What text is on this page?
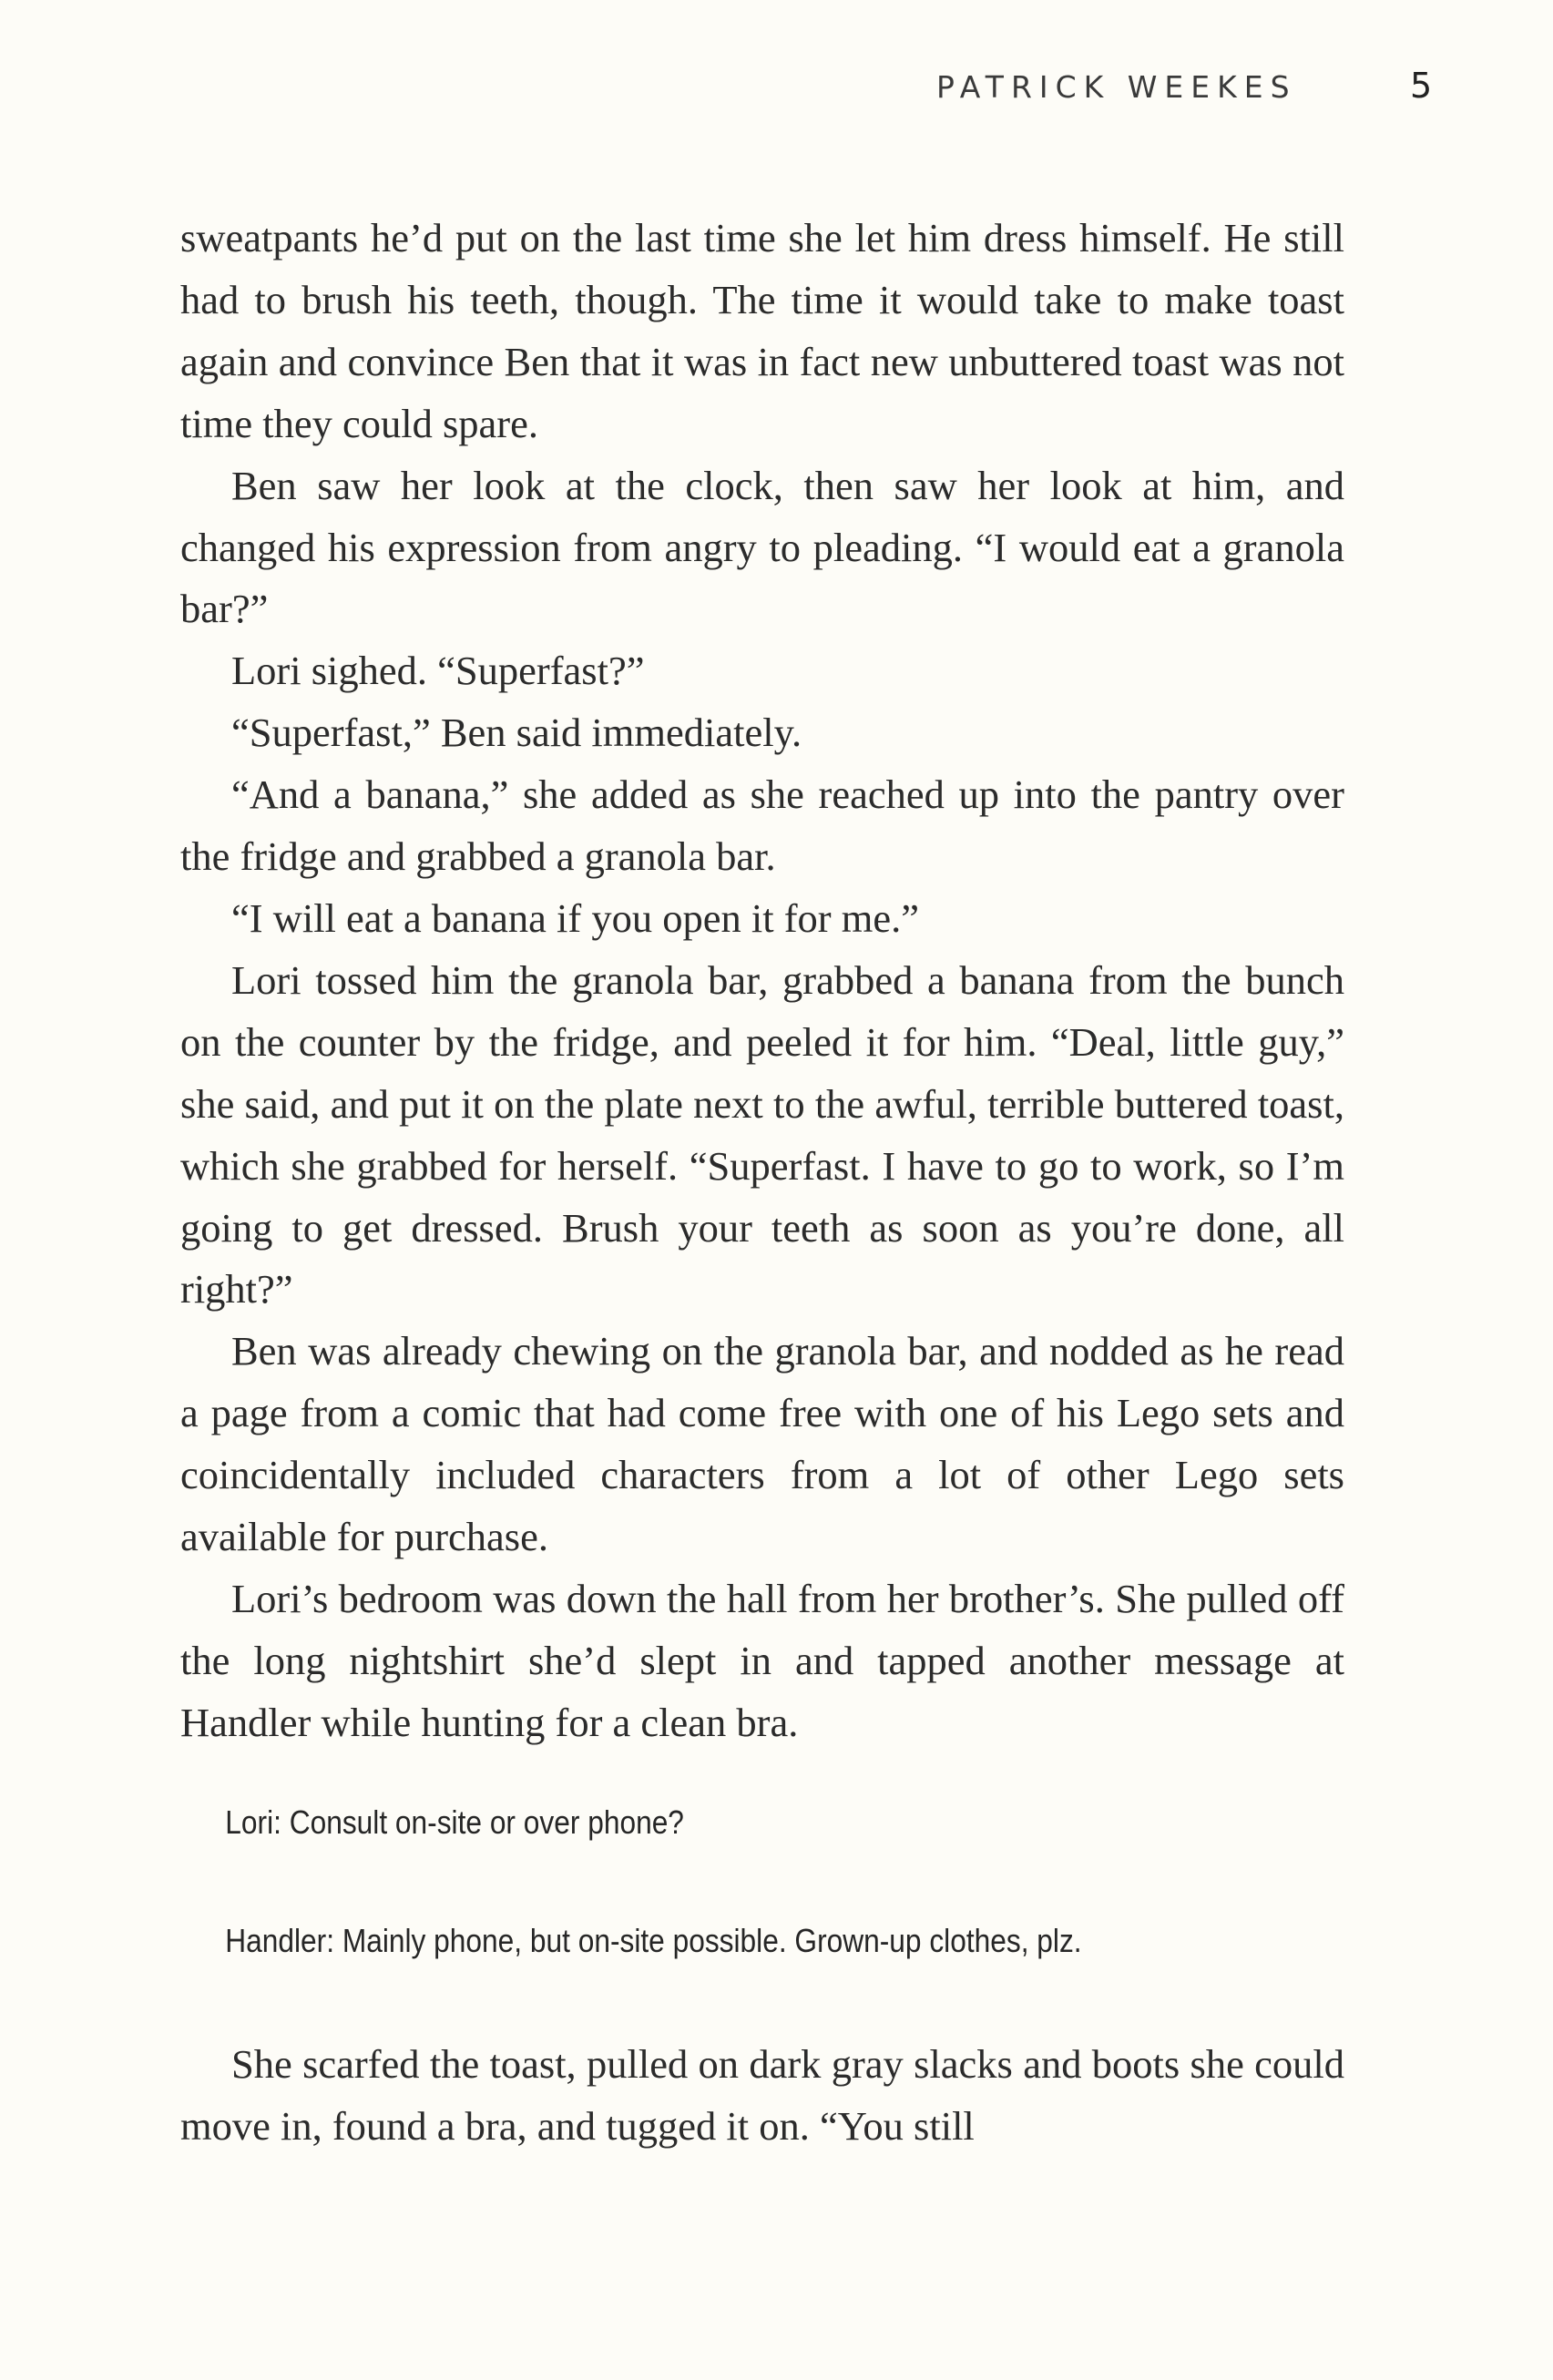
PATRICK WEEKES	5

sweatpants he’d put on the last time she let him dress himself. He still had to brush his teeth, though. The time it would take to make toast again and convince Ben that it was in fact new unbuttered toast was not time they could spare.

Ben saw her look at the clock, then saw her look at him, and changed his expression from angry to pleading. “I would eat a granola bar?”

Lori sighed. “Superfast?”

“Superfast,” Ben said immediately.

“And a banana,” she added as she reached up into the pantry over the fridge and grabbed a granola bar.

“I will eat a banana if you open it for me.”

Lori tossed him the granola bar, grabbed a banana from the bunch on the counter by the fridge, and peeled it for him. “Deal, little guy,” she said, and put it on the plate next to the awful, terrible buttered toast, which she grabbed for herself. “Superfast. I have to go to work, so I’m going to get dressed. Brush your teeth as soon as you’re done, all right?”

Ben was already chewing on the granola bar, and nodded as he read a page from a comic that had come free with one of his Lego sets and coincidentally included characters from a lot of other Lego sets available for purchase.

Lori’s bedroom was down the hall from her brother’s. She pulled off the long nightshirt she’d slept in and tapped another message at Handler while hunting for a clean bra.

Lori: Consult on-site or over phone?

Handler: Mainly phone, but on-site possible. Grown-up clothes, plz.

She scarfed the toast, pulled on dark gray slacks and boots she could move in, found a bra, and tugged it on. “You still
